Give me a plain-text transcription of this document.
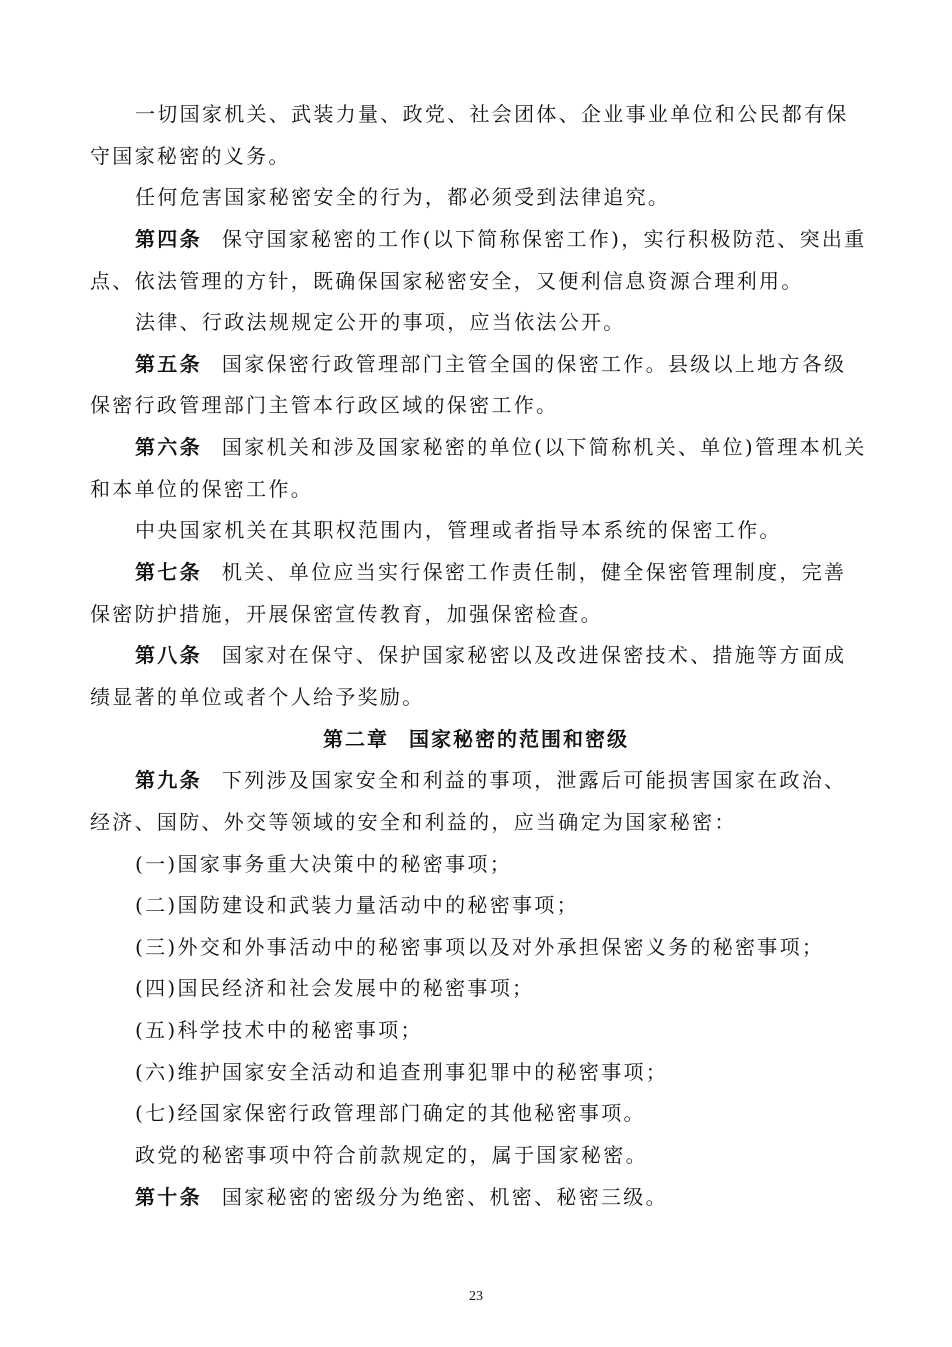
一切国家机关、武装力量、政党、社会团体、企业事业单位和公民都有保
守国家秘密的义务。
任何危害国家秘密安全的行为，都必须受到法律追究。
第四条 保守国家秘密的工作(以下简称保密工作)，实行积极防范、突出重
点、依法管理的方针，既确保国家秘密安全，又便利信息资源合理利用。
法律、行政法规规定公开的事项，应当依法公开。
第五条 国家保密行政管理部门主管全国的保密工作。县级以上地方各级
保密行政管理部门主管本行政区域的保密工作。
第六条 国家机关和涉及国家秘密的单位(以下简称机关、单位)管理本机关
和本单位的保密工作。
中央国家机关在其职权范围内，管理或者指导本系统的保密工作。
第七条 机关、单位应当实行保密工作责任制，健全保密管理制度，完善
保密防护措施，开展保密宣传教育，加强保密检查。
第八条 国家对在保守、保护国家秘密以及改进保密技术、措施等方面成
绩显著的单位或者个人给予奖励。
第二章 国家秘密的范围和密级
第九条 下列涉及国家安全和利益的事项，泄露后可能损害国家在政治、
经济、国防、外交等领域的安全和利益的，应当确定为国家秘密：
(一)国家事务重大决策中的秘密事项；
(二)国防建设和武装力量活动中的秘密事项；
(三)外交和外事活动中的秘密事项以及对外承担保密义务的秘密事项；
(四)国民经济和社会发展中的秘密事项；
(五)科学技术中的秘密事项；
(六)维护国家安全活动和追查刑事犯罪中的秘密事项；
(七)经国家保密行政管理部门确定的其他秘密事项。
政党的秘密事项中符合前款规定的，属于国家秘密。
第十条 国家秘密的密级分为绝密、机密、秘密三级。
23
